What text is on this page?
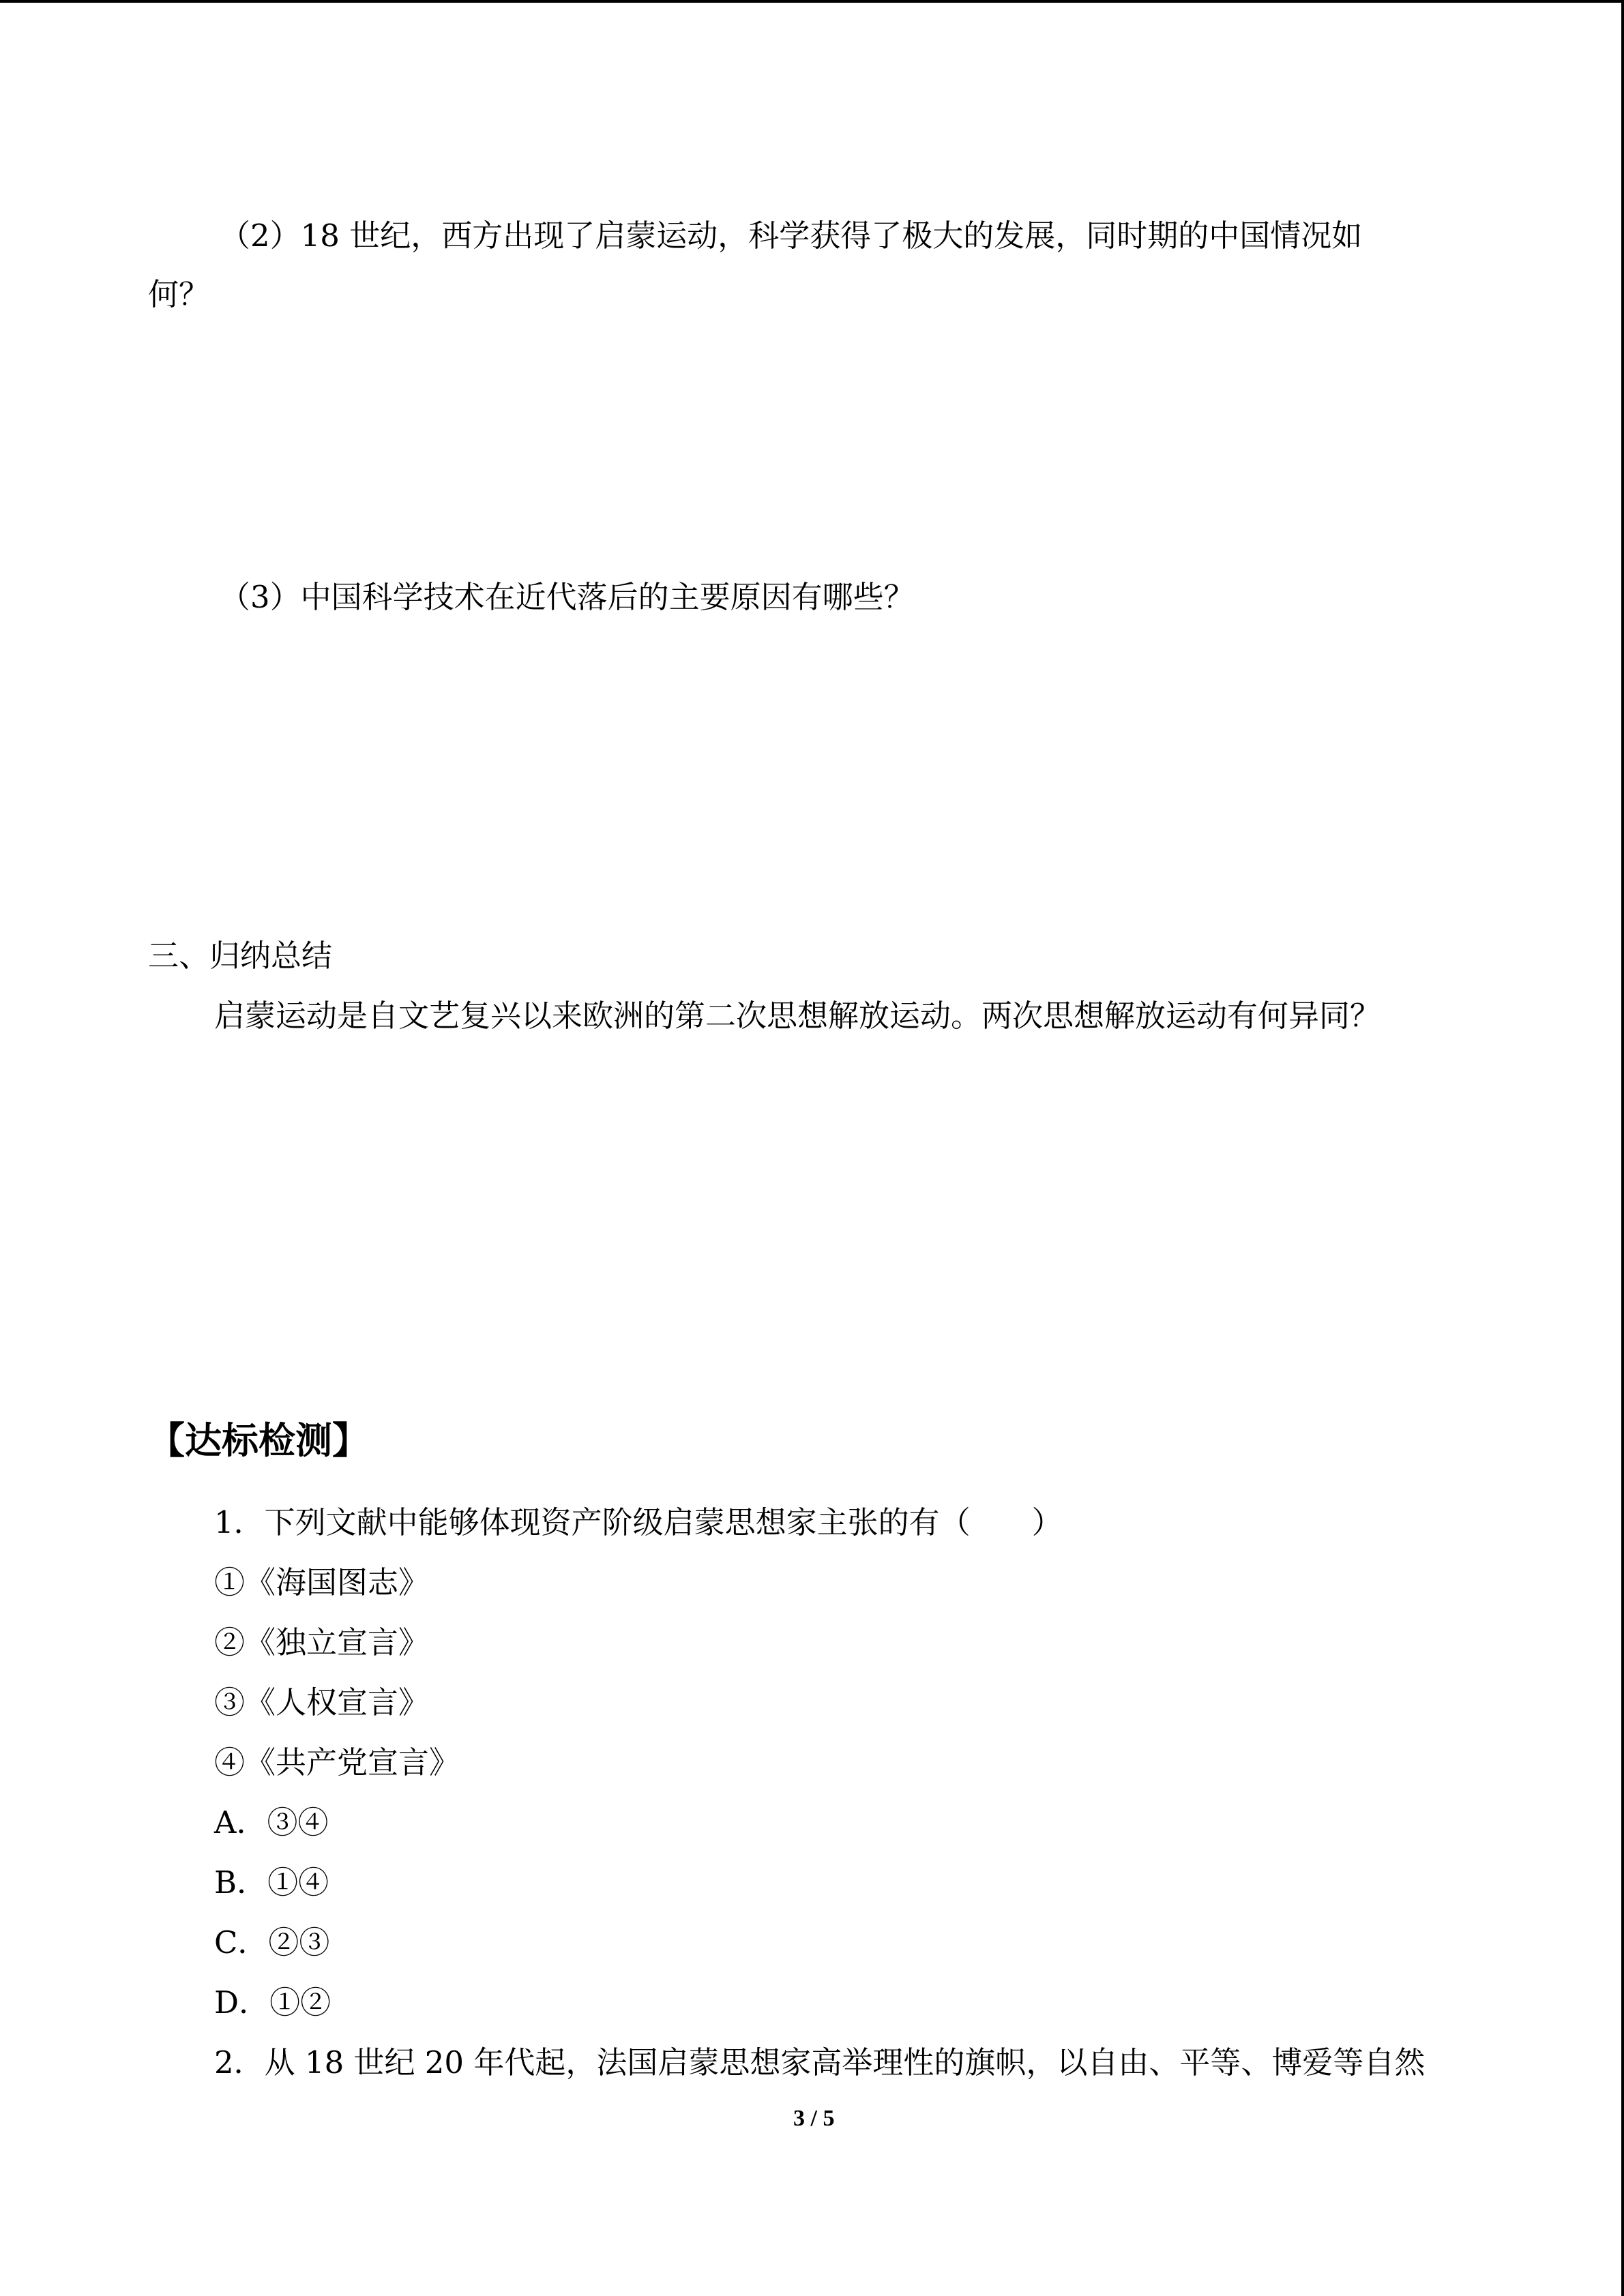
（2）18 世纪，西方出现了启蒙运动，科学获得了极大的发展，同时期的中国情况如
何？
（3）中国科学技术在近代落后的主要原因有哪些？
三、归纳总结
启蒙运动是自文艺复兴以来欧洲的第二次思想解放运动。两次思想解放运动有何异同？
【达标检测】
1．下列文献中能够体现资产阶级启蒙思想家主张的有（　　）
①《海国图志》
②《独立宣言》
③《人权宣言》
④《共产党宣言》
A．③④
B．①④
C．②③
D．①②
2．从 18 世纪 20 年代起，法国启蒙思想家高举理性的旗帜，以自由、平等、博爱等自然
3 / 5
